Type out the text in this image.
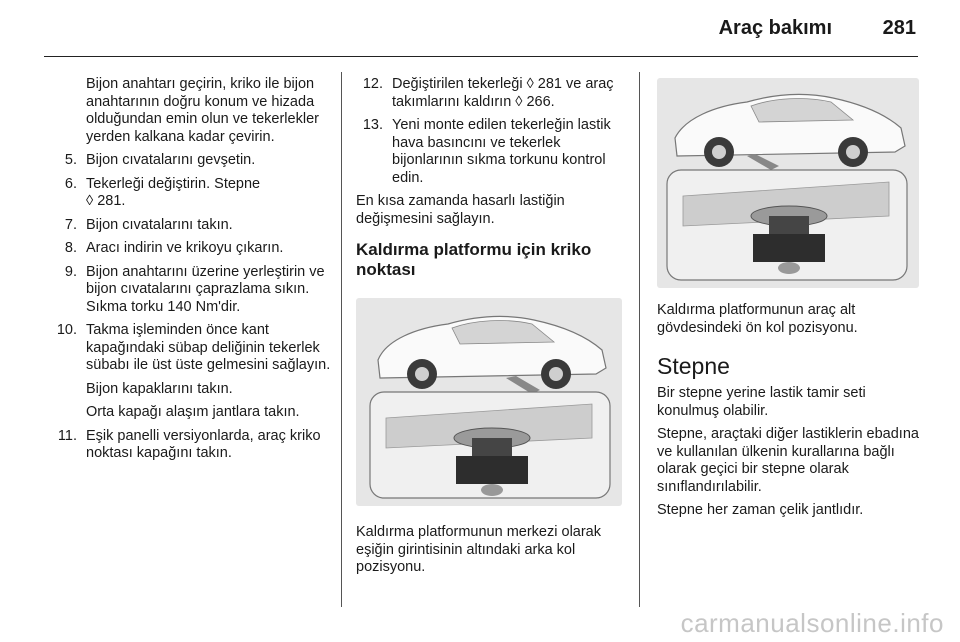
Araç bakımı	281

Bijon anahtarı geçirin, kriko ile bijon anahtarının doğru konum ve hizada olduğundan emin olun ve tekerlekler yerden kalkana kadar çevirin.

5. Bijon cıvatalarını gevşetin.
6. Tekerleği değiştirin. Stepne
◊ 281.
7. Bijon cıvatalarını takın.
8. Aracı indirin ve krikoyu çıkarın.
9. Bijon anahtarını üzerine yerleştirin ve bijon cıvatalarını çaprazlama sıkın. Sıkma torku 140 Nm'dir.
10. Takma işleminden önce kant kapağındaki sübap deliğinin tekerlek sübabı ile üst üste gelmesini sağlayın.

Bijon kapaklarını takın.

Orta kapağı alaşım jantlara takın.

11. Eşik panelli versiyonlarda, araç kriko noktası kapağını takın.
12. Değiştirilen tekerleği ◊ 281 ve araç takımlarını kaldırın ◊ 266.
13. Yeni monte edilen tekerleğin lastik hava basıncını ve tekerlek bijonlarının sıkma torkunu kontrol edin.

En kısa zamanda hasarlı lastiğin değişmesini sağlayın.

Kaldırma platformu için kriko noktası

Kaldırma platformunun merkezi olarak eşiğin girintisinin altındaki arka kol pozisyonu.

Kaldırma platformunun araç alt gövdesindeki ön kol pozisyonu.

Stepne

Bir stepne yerine lastik tamir seti konulmuş olabilir.

Stepne, araçtaki diğer lastiklerin ebadına ve kullanılan ülkenin kurallarına bağlı olarak geçici bir stepne olarak sınıflandırılabilir.

Stepne her zaman çelik jantlıdır.

carmanualsonline.info
